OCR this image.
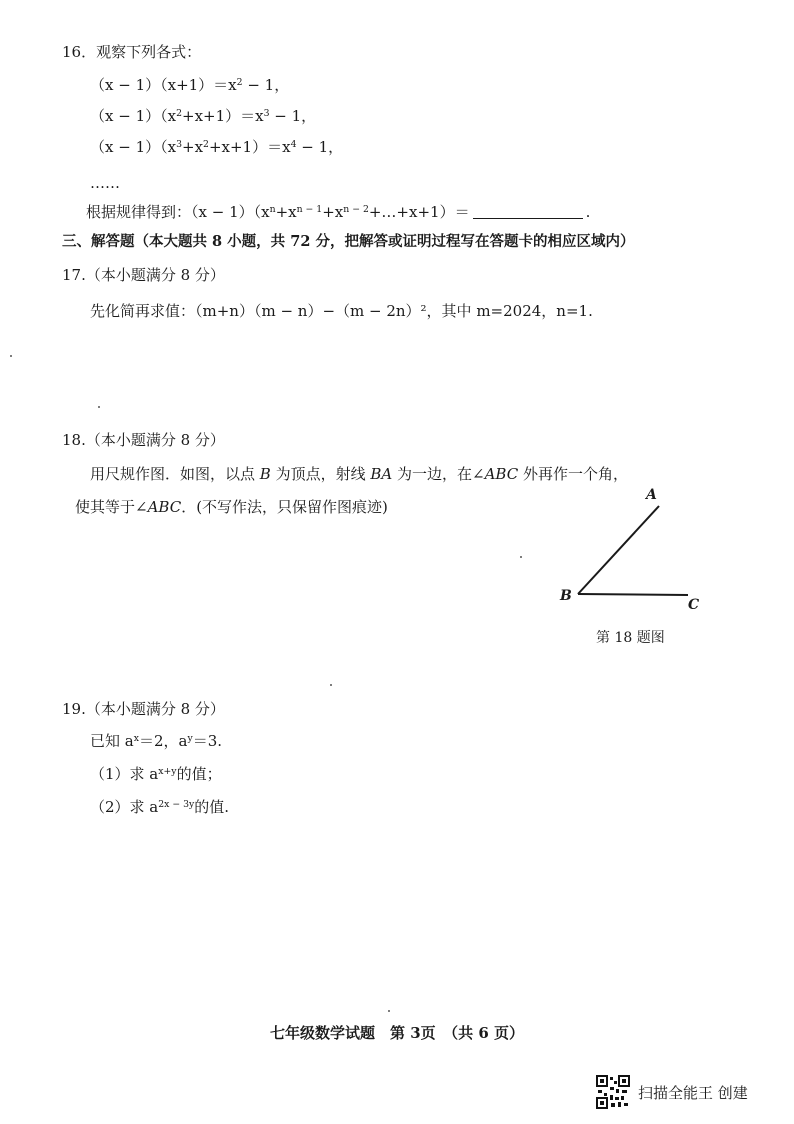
16．观察下列各式：
$(x - 1)(x+1)=x^2 - 1$，
$(x - 1)(x^2+x+1)=x^3 - 1$，
$(x - 1)(x^3+x^2+x+1)=x^4 - 1$，
……
根据规律得到：$(x - 1)(x^n+x^{n - 1}+x^{n - 2}+\dots+x+1)=$	.
三、解答题（本大题共 8 小题，共 72 分，把解答或证明过程写在答题卡的相应区域内）
17.（本小题满分 8 分）
先化简再求值：（m+n）（m − n）−（m − 2n）²，其中 m=2024，n=1.
18.（本小题满分 8 分）
用尺规作图．如图，以点 B 为顶点，射线 BA 为一边，在∠ABC 外再作一个角，
使其等于∠ABC．(不写作法，只保留作图痕迹)
A
B
C
第 18 题图
19.（本小题满分 8 分）
已知 $a^x=2$，$a^y=3$.
（1）求 $a^{x+y}$的值；
（2）求 $a^{2x - 3y}$的值.
七年级数学试题　第 3页　（共 6 页）
扫描全能王 创建
